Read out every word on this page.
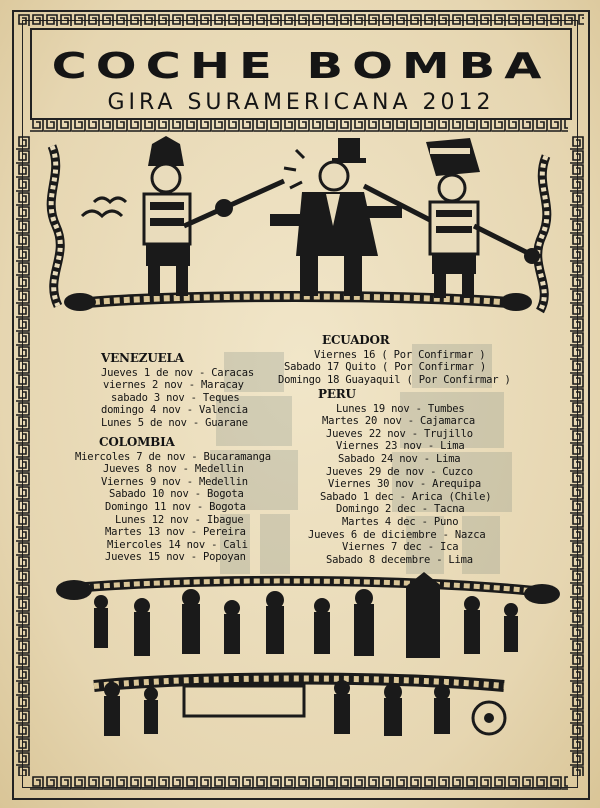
COCHE BOMBA
GIRA SURAMERICANA 2012
VENEZUELA
Jueves 1 de nov - Caracas
viernes 2 nov - Maracay
sabado 3 nov - Teques
domingo 4 nov - Valencia
Lunes 5 de nov - Guarane
COLOMBIA
Miercoles 7 de nov - Bucaramanga
Jueves 8 nov - Medellin
Viernes 9 nov - Medellin
Sabado 10 nov - Bogota
Domingo 11 nov - Bogota
Lunes 12 nov - Ibague
Martes 13 nov - Pereira
Miercoles 14 nov - Cali
Jueves 15 nov - Popoyan
ECUADOR
Viernes 16 ( Por Confirmar )
Sabado 17 Quito ( Por Confirmar )
Domingo 18 Guayaquil ( Por Confirmar )
PERU
Lunes 19 nov - Tumbes
Martes 20 nov - Cajamarca
Jueves 22 nov - Trujillo
Viernes 23 nov - Lima
Sabado 24 nov - Lima
Jueves 29 de nov - Cuzco
Viernes 30 nov - Arequipa
Sabado 1 dec - Arica (Chile)
Domingo 2 dec - Tacna
Martes 4 dec - Puno
Jueves 6 de diciembre - Nazca
Viernes 7 dec - Ica
Sabado 8 decembre - Lima
